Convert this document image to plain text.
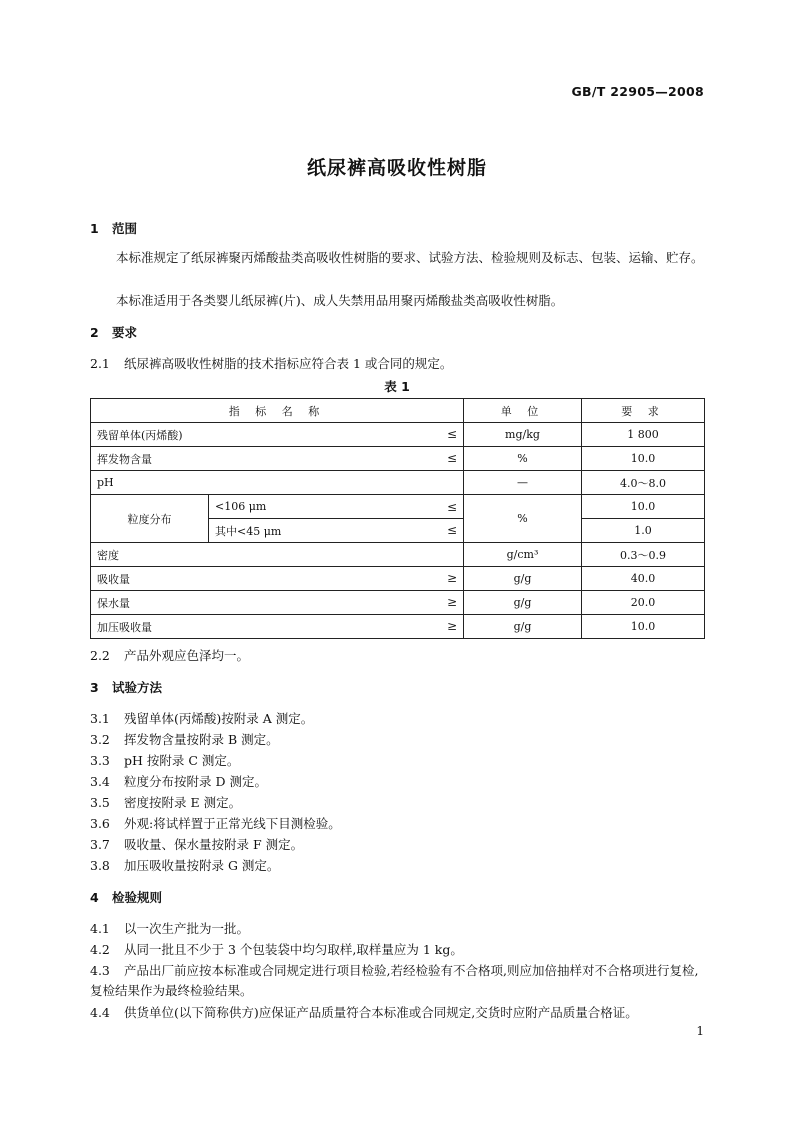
GB/T 22905—2008
纸尿裤高吸收性树脂
1 范围
本标准规定了纸尿裤聚丙烯酸盐类高吸收性树脂的要求、试验方法、检验规则及标志、包装、运输、贮存。
本标准适用于各类婴儿纸尿裤(片)、成人失禁用品用聚丙烯酸盐类高吸收性树脂。
2 要求
2.1 纸尿裤高吸收性树脂的技术指标应符合表 1 或合同的规定。
表 1
指 标 名 称		单 位	要 求
残留单体(丙烯酸) ≤		mg/kg	1 800
挥发物含量 ≤		%	10.0
pH		—	4.0～8.0
粒度分布	<106 μm ≤	%	10.0
	其中<45 μm ≤		1.0
密度		g/cm³	0.3～0.9
吸收量 ≥		g/g	40.0
保水量 ≥		g/g	20.0
加压吸收量 ≥		g/g	10.0
2.2 产品外观应色泽均一。
3 试验方法
3.1 残留单体(丙烯酸)按附录 A 测定。
3.2 挥发物含量按附录 B 测定。
3.3 pH 按附录 C 测定。
3.4 粒度分布按附录 D 测定。
3.5 密度按附录 E 测定。
3.6 外观:将试样置于正常光线下目测检验。
3.7 吸收量、保水量按附录 F 测定。
3.8 加压吸收量按附录 G 测定。
4 检验规则
4.1 以一次生产批为一批。
4.2 从同一批且不少于 3 个包装袋中均匀取样,取样量应为 1 kg。
4.3 产品出厂前应按本标准或合同规定进行项目检验,若经检验有不合格项,则应加倍抽样对不合格项进行复检,复检结果作为最终检验结果。
4.4 供货单位(以下简称供方)应保证产品质量符合本标准或合同规定,交货时应附产品质量合格证。
1
